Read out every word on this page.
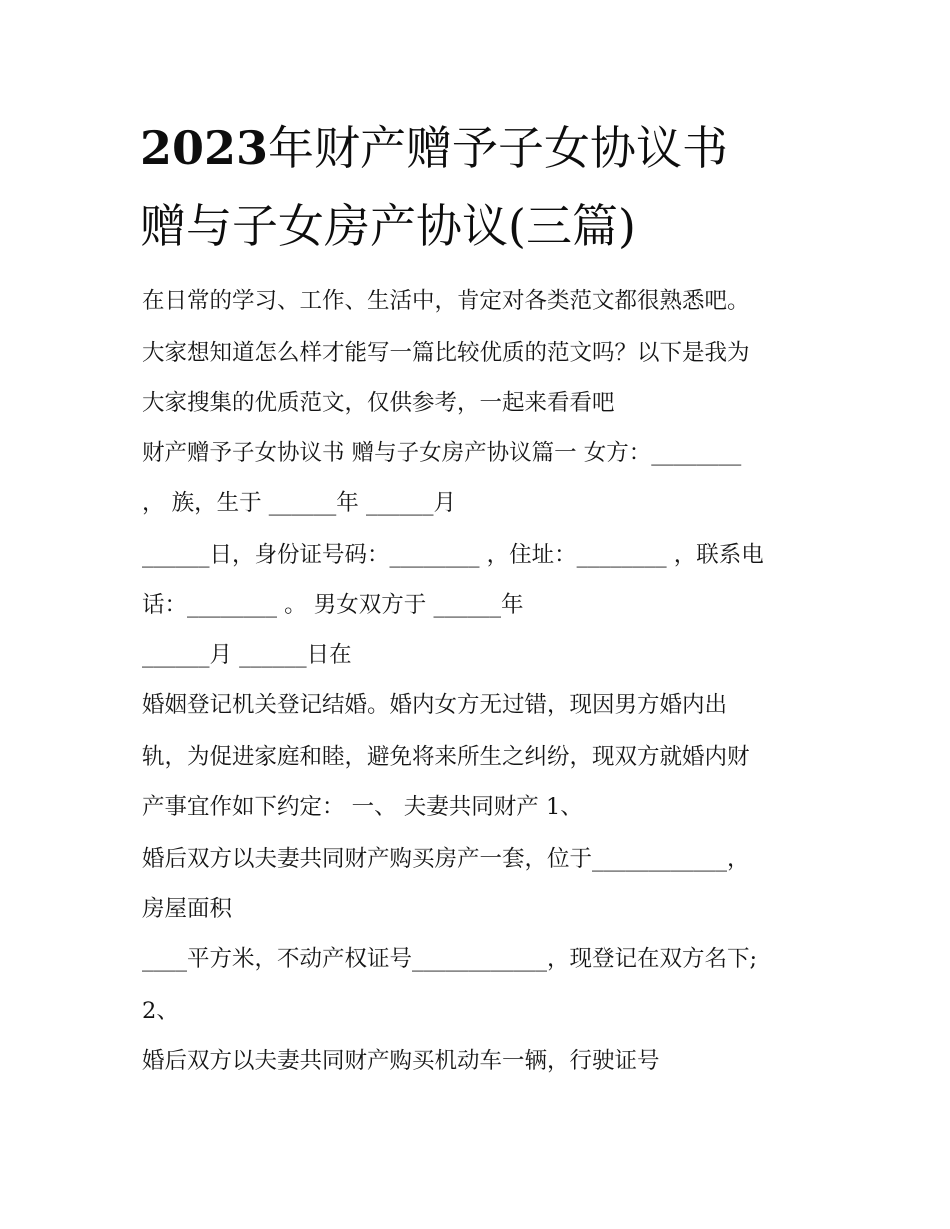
2023年财产赠予子女协议书
赠与子女房产协议(三篇)
在日常的学习、工作、生活中，肯定对各类范文都很熟悉吧。
大家想知道怎么样才能写一篇比较优质的范文吗？以下是我为
大家搜集的优质范文，仅供参考，一起来看看吧
财产赠予子女协议书 赠与子女房产协议篇一 女方：________
， 族，生于 ______年 ______月
______日，身份证号码：________ ，住址：________ ，联系电
话：________ 。 男女双方于 ______年
______月 ______日在
婚姻登记机关登记结婚。婚内女方无过错，现因男方婚内出
轨，为促进家庭和睦，避免将来所生之纠纷，现双方就婚内财
产事宜作如下约定： 一、 夫妻共同财产 1、
婚后双方以夫妻共同财产购买房产一套，位于____________，
房屋面积
____平方米，不动产权证号____________，现登记在双方名下;
2、
婚后双方以夫妻共同财产购买机动车一辆，行驶证号
